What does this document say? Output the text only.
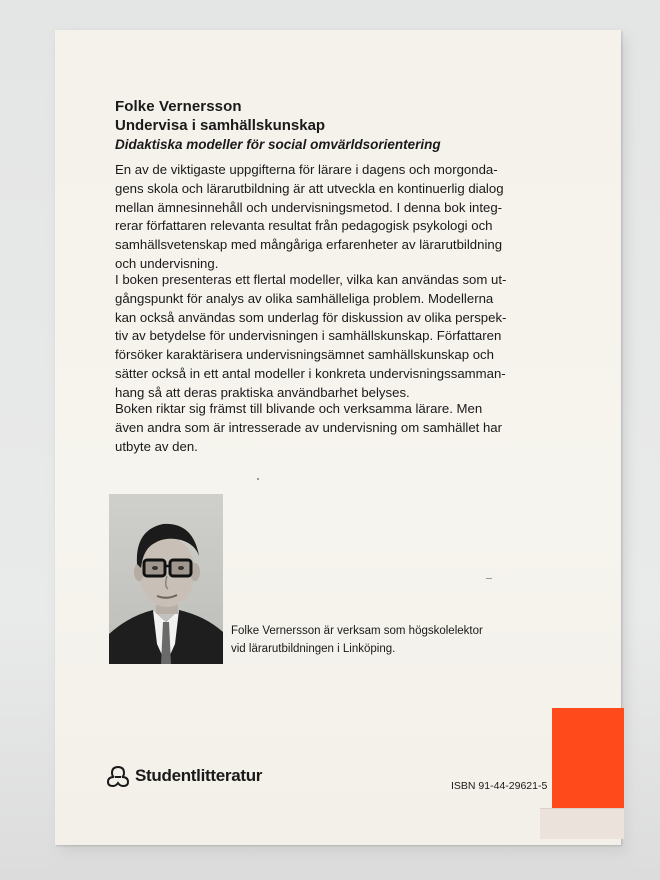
Folke Vernersson
Undervisa i samhällskunskap
Didaktiska modeller för social omvärldsorientering
En av de viktigaste uppgifterna för lärare i dagens och morgonda-
gens skola och lärarutbildning är att utveckla en kontinuerlig dialog
mellan ämnesinnehåll och undervisningsmetod. I denna bok integ-
rerar författaren relevanta resultat från pedagogisk psykologi och
samhällsvetenskap med mångåriga erfarenheter av lärarutbildning
och undervisning.
I boken presenteras ett flertal modeller, vilka kan användas som ut-
gångspunkt för analys av olika samhälleliga problem. Modellerna
kan också användas som underlag för diskussion av olika perspek-
tiv av betydelse för undervisningen i samhällskunskap. Författaren
försöker karaktärisera undervisningsämnet samhällskunskap och
sätter också in ett antal modeller i konkreta undervisningssamman-
hang så att deras praktiska användbarhet belyses.
Boken riktar sig främst till blivande och verksamma lärare. Men
även andra som är intresserade av undervisning om samhället har
utbyte av den.
Folke Vernersson är verksam som högskolelektor
vid lärarutbildningen i Linköping.
Studentlitteratur
ISBN 91-44-29621-5
